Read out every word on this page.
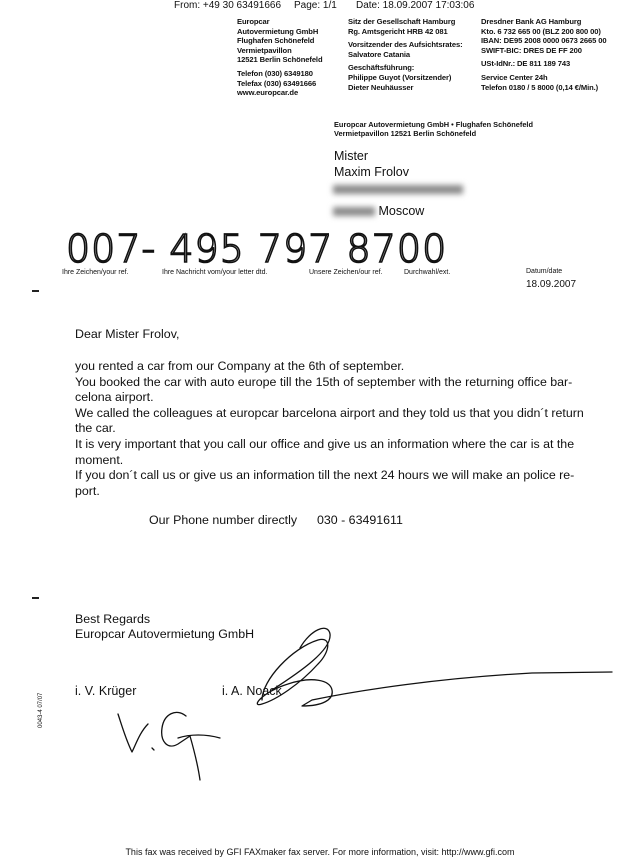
From: +49 30 63491666 Page: 1/1 Date: 18.09.2007 17:03:06
Europcar
Autovermietung GmbH
Flughafen Schönefeld
Vermietpavillon
12521 Berlin Schönefeld
Telefon (030) 6349180
Telefax (030) 63491666
www.europcar.de
Sitz der Gesellschaft Hamburg
Rg. Amtsgericht HRB 42 081
Vorsitzender des Aufsichtsrates:
Salvatore Catania
Geschäftsführung:
Philippe Guyot (Vorsitzender)
Dieter Neuhäusser
Dresdner Bank AG Hamburg
Kto. 6 732 665 00 (BLZ 200 800 00)
IBAN: DE95 2008 0000 0673 2665 00
SWIFT-BIC: DRES DE FF 200
USt-IdNr.: DE 811 189 743
Service Center 24h
Telefon 0180 / 5 8000 (0,14 €/Min.)
Europcar Autovermietung GmbH • Flughafen Schönefeld
Vermietpavillon 12521 Berlin Schönefeld
Mister
Maxim Frolov
Moscow
007- 495 797 8700
Ihre Zeichen/your ref.	Ihre Nachricht vom/your letter dtd.	Unsere Zeichen/our ref.	Durchwahl/ext.	Datum/date
18.09.2007
Dear Mister Frolov,

you rented a car from our Company at the 6th of september.

You booked the car with auto europe till the 15th of september with the returning office bar-

celona airport.

We called the colleagues at europcar barcelona airport and they told us that you didn´t return

the car.

It is very important that you call our office and give us an information where the car is at the

moment.

If you don´t call us or give us an information till the next 24 hours we will make an police re-

port.

Our Phone number directly 030 - 63491611
Best Regards
Europcar Autovermietung GmbH
i. V. Krüger	i. A. Noack
0043-4 07/07
This fax was received by GFI FAXmaker fax server. For more information, visit: http://www.gfi.com
